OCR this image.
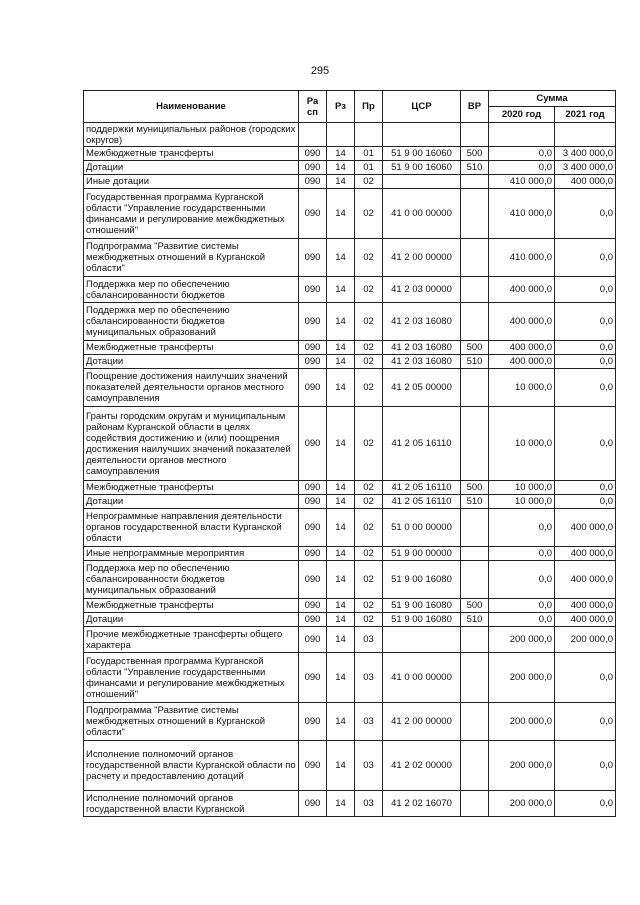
295
Наименование	Ра сп	Рз	Пр	ЦСР	ВР	Сумма	
						2020 год	2021 год
поддержки муниципальных районов (городских округов)							
Межбюджетные трансферты	090	14	01	51 9 00 16060	500	0,0	3 400 000,0
Дотации	090	14	01	51 9 00 16060	510	0,0	3 400 000,0
Иные дотации	090	14	02			410 000,0	400 000,0
Государственная программа Курганской области "Управление государственными финансами и регулирование межбюджетных отношений"	090	14	02	41 0 00 00000		410 000,0	0,0
Подпрограмма "Развитие системы межбюджетных отношений в Курганской области"	090	14	02	41 2 00 00000		410 000,0	0,0
Поддержка мер по обеспечению сбалансированности бюджетов	090	14	02	41 2 03 00000		400 000,0	0,0
Поддержка мер по обеспечению сбалансированности бюджетов муниципальных образований	090	14	02	41 2 03 16080		400 000,0	0,0
Межбюджетные трансферты	090	14	02	41 2 03 16080	500	400 000,0	0,0
Дотации	090	14	02	41 2 03 16080	510	400 000,0	0,0
Поощрение достижения наилучших значений показателей деятельности органов местного самоуправления	090	14	02	41 2 05 00000		10 000,0	0,0
Гранты городским округам и муниципальным районам Курганской области в целях содействия достижению и (или) поощрения достижения наилучших значений показателей деятельности органов местного самоуправления	090	14	02	41 2 05 16110		10 000,0	0,0
Межбюджетные трансферты	090	14	02	41 2 05 16110	500	10 000,0	0,0
Дотации	090	14	02	41 2 05 16110	510	10 000,0	0,0
Непрограммные направления деятельности органов государственной власти Курганской области	090	14	02	51 0 00 00000		0,0	400 000,0
Иные непрограммные мероприятия	090	14	02	51 9 00 00000		0,0	400 000,0
Поддержка мер по обеспечению сбалансированности бюджетов муниципальных образований	090	14	02	51 9 00 16080		0,0	400 000,0
Межбюджетные трансферты	090	14	02	51 9 00 16080	500	0,0	400 000,0
Дотации	090	14	02	51 9 00 16080	510	0,0	400 000,0
Прочие межбюджетные трансферты общего характера	090	14	03			200 000,0	200 000,0
Государственная программа Курганской области "Управление государственными финансами и регулирование межбюджетных отношений"	090	14	03	41 0 00 00000		200 000,0	0,0
Подпрограмма "Развитие системы межбюджетных отношений в Курганской области"	090	14	03	41 2 00 00000		200 000,0	0,0
Исполнение полномочий органов государственной власти Курганской области по расчету и предоставлению дотаций	090	14	03	41 2 02 00000		200 000,0	0,0
Исполнение полномочий органов государственной власти Курганской	090	14	03	41 2 02 16070		200 000,0	0,0
